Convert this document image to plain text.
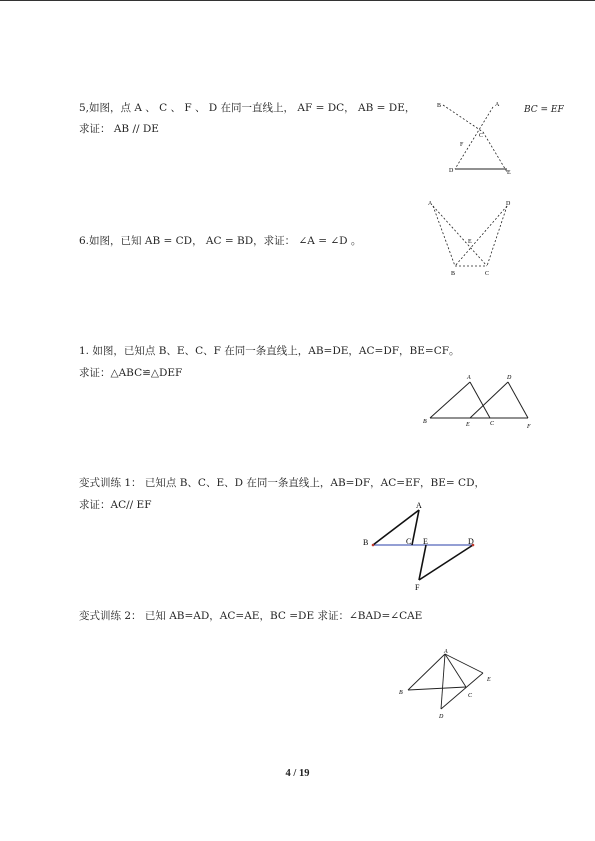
5,如图，点 A 、 C 、 F 、 D 在同一直线上， AF = DC， AB = DE，	BC = EF
求证： AB // DE
B	A
C
F
D	E
6.如图，已知 AB = CD， AC = BD，求证： ∠A = ∠D 。
A	D
E
B	C
1. 如图，已知点 B、E、C、F 在同一条直线上，AB=DE，AC=DF，BE=CF。
求证：△ABC≌△DEF	A	D
B	E	C	F
变式训练 1： 已知点 B、C、E、D 在同一条直线上，AB=DF，AC=EF，BE= CD，
求证：AC// EF	A
B	C E	D
F
变式训练 2： 已知 AB=AD，AC=AE，BC =DE 求证：∠BAD=∠CAE
A
E
B	C
D
4 / 19
